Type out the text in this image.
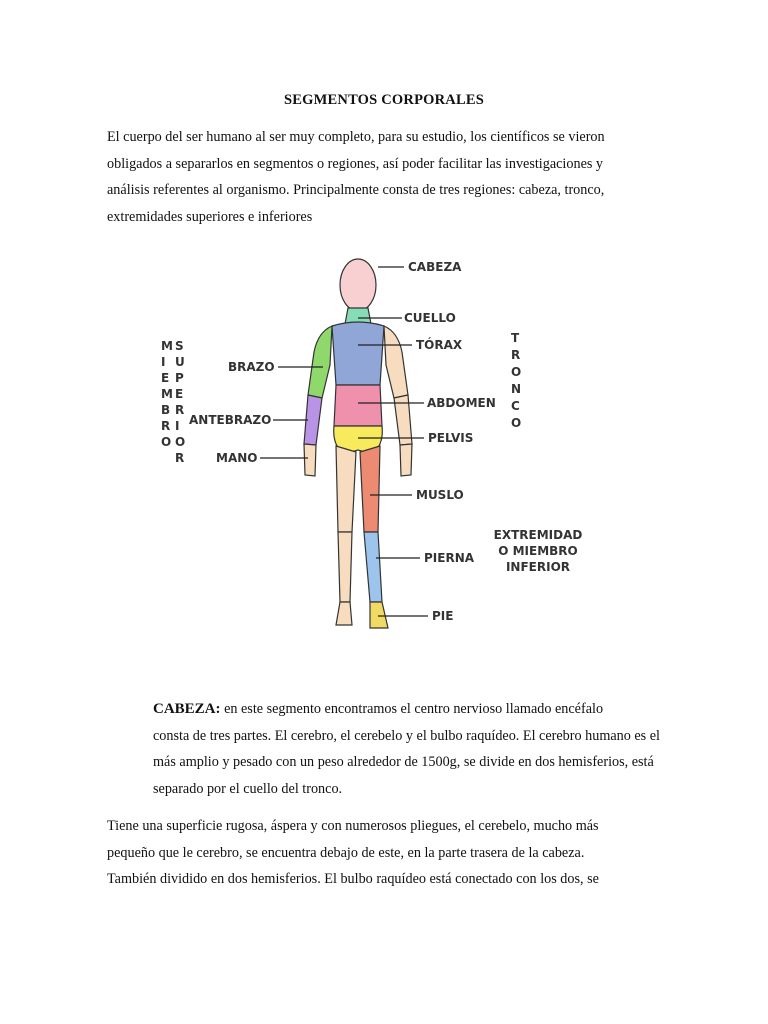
SEGMENTOS CORPORALES
El cuerpo del ser humano al ser muy completo, para su estudio, los científicos se vieron
obligados a separarlos en segmentos o regiones, así poder facilitar las investigaciones y
análisis referentes al organismo. Principalmente consta de tres regiones: cabeza, tronco,
extremidades superiores e inferiores
CABEZA
CUELLO
TÓRAX
BRAZO
ABDOMEN
ANTEBRAZO
PELVIS
MANO
MUSLO
PIERNA
PIE
T
R
O
N
C
O
M
I
E
M
B
R
O
S
U
P
E
R
I
O
R
EXTREMIDAD
O MIEMBRO
INFERIOR
CABEZA: en este segmento encontramos el centro nervioso llamado encéfalo
consta de tres partes. El cerebro, el cerebelo y el bulbo raquídeo. El cerebro humano es el
más amplio y pesado con un peso alrededor de 1500g, se divide en dos hemisferios, está
separado por el cuello del tronco.
Tiene una superficie rugosa, áspera y con numerosos pliegues, el cerebelo, mucho más
pequeño que le cerebro, se encuentra debajo de este, en la parte trasera de la cabeza.
También dividido en dos hemisferios. El bulbo raquídeo está conectado con los dos, se
